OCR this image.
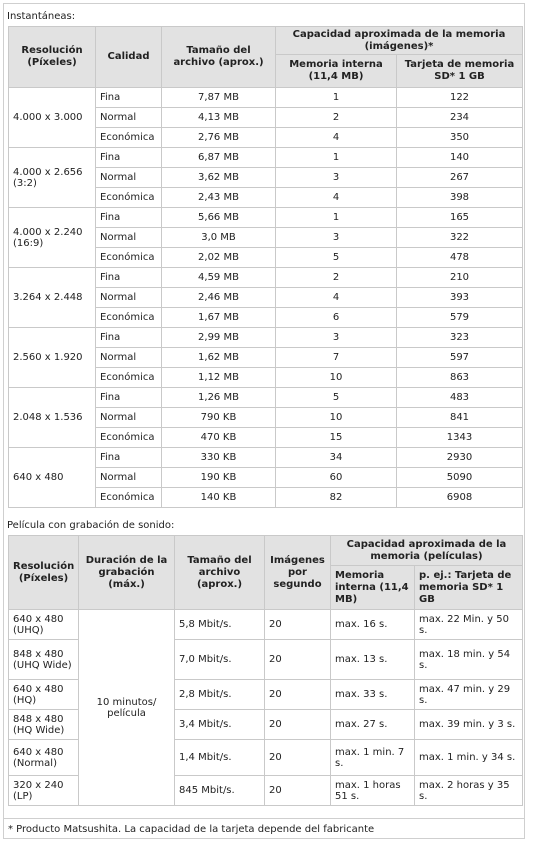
Instantáneas:
Resolución (Píxeles)	Calidad	Tamaño del archivo (aprox.)	Capacidad aproximada de la memoria (imágenes)*	
			Memoria interna (11,4 MB)	Tarjeta de memoria SD* 1 GB
4.000 x 3.000	Fina	7,87 MB	1	122
	Normal	4,13 MB	2	234
	Económica	2,76 MB	4	350
4.000 x 2.656 (3:2)	Fina	6,87 MB	1	140
	Normal	3,62 MB	3	267
	Económica	2,43 MB	4	398
4.000 x 2.240 (16:9)	Fina	5,66 MB	1	165
	Normal	3,0 MB	3	322
	Económica	2,02 MB	5	478
3.264 x 2.448	Fina	4,59 MB	2	210
	Normal	2,46 MB	4	393
	Económica	1,67 MB	6	579
2.560 x 1.920	Fina	2,99 MB	3	323
	Normal	1,62 MB	7	597
	Económica	1,12 MB	10	863
2.048 x 1.536	Fina	1,26 MB	5	483
	Normal	790 KB	10	841
	Económica	470 KB	15	1343
640 x 480	Fina	330 KB	34	2930
	Normal	190 KB	60	5090
	Económica	140 KB	82	6908
Película con grabación de sonido:
Resolución (Píxeles)	Duración de la grabación (máx.)	Tamaño del archivo (aprox.)	Imágenes por segundo	Capacidad aproximada de la memoria (películas)	
				Memoria interna (11,4 MB)	p. ej.: Tarjeta de memoria SD* 1 GB
640 x 480 (UHQ)	10 minutos/ película	5,8 Mbit/s.	20	max. 16 s.	max. 22 Min. y 50 s.
848 x 480 (UHQ Wide)		7,0 Mbit/s.	20	max. 13 s.	max. 18 min. y 54 s.
640 x 480 (HQ)		2,8 Mbit/s.	20	max. 33 s.	max. 47 min. y 29 s.
848 x 480 (HQ Wide)		3,4 Mbit/s.	20	max. 27 s.	max. 39 min. y 3 s.
640 x 480 (Normal)		1,4 Mbit/s.	20	max. 1 min. 7 s.	max. 1 min. y 34 s.
320 x 240 (LP)		845 Mbit/s.	20	max. 1 horas 51 s.	max. 2 horas y 35 s.
* Producto Matsushita. La capacidad de la tarjeta depende del fabricante
